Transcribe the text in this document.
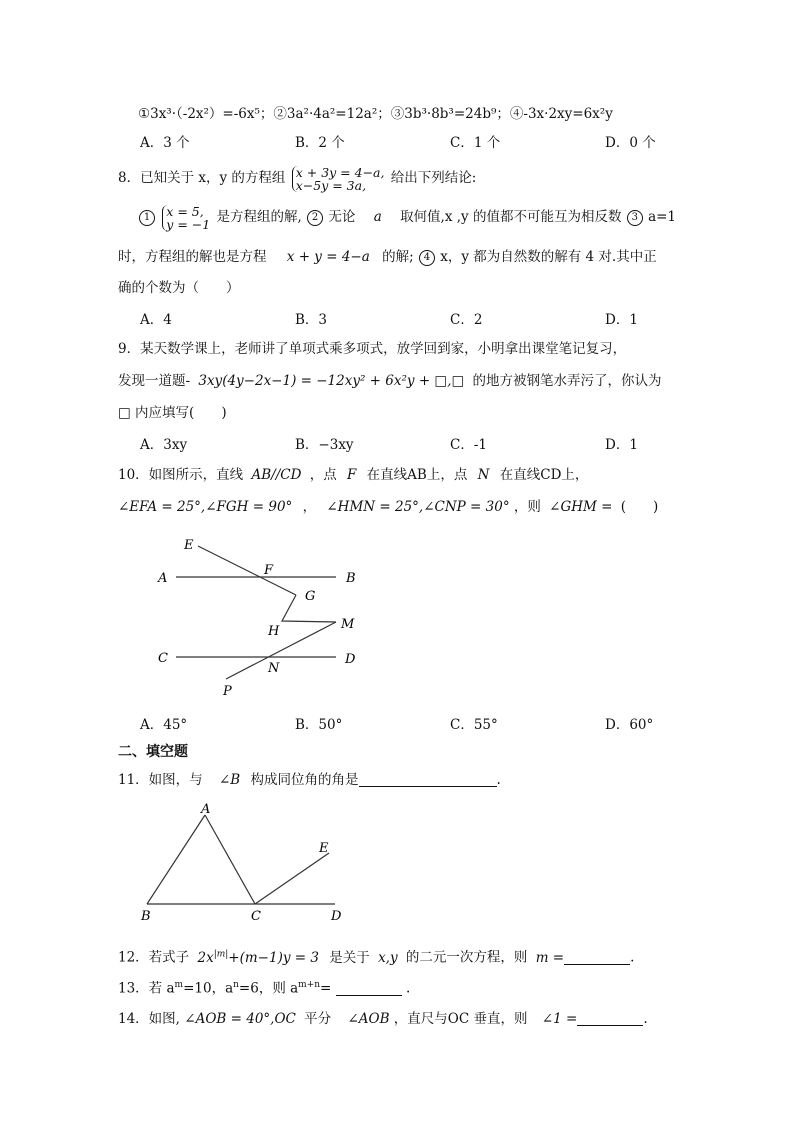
①3x³·（-2x²）=-6x⁵；②3a²·4a²=12a²；③3b³·8b³=24b⁹；④-3x·2xy=6x²y
A．3 个	B．2 个	C．1 个	D．0 个
8．已知关于 x，y 的方程组 x + 3y = 4−a,
x−5y = 3a, 给出下列结论:
1 x = 5,
y = −1 是方程组的解, 2 无论 a 取何值,x ,y 的值都不可能互为相反数 3 a=1
时，方程组的解也是方程 x + y = 4−a 的解; 4 x，y 都为自然数的解有 4 对.其中正
确的个数为（　　）
A．4	B．3	C．2	D．1
9．某天数学课上，老师讲了单项式乘多项式，放学回到家，小明拿出课堂笔记复习，
发现一道题- 3xy(4y−2x−1) = −12xy² + 6x²y + □,□ 的地方被钢笔水弄污了，你认为
□ 内应填写(　　)
A．3xy	B．−3xy	C．-1	D．1
10．如图所示，直线 AB//CD ，点 F 在直线AB上，点 N 在直线CD上，
∠EFA = 25°,∠FGH = 90° ， ∠HMN = 25°,∠CNP = 30° ，则 ∠GHM = (　　)
E
A
F
B
G
H	M
C
N
D
P
A．45°	B．50°	C．55°	D．60°
二、填空题
11．如图，与 ∠B 构成同位角的角是	.
A
B	C	D
E
12．若式子 $2x^{|m|}+(m-1)y = 3$ 是关于 x,y 的二元一次方程，则 m =	.
13．若 $a^m=10$，$a^n=6$，则 $a^{m+n}=$	.
14．如图, ∠AOB = 40°,OC 平分 ∠AOB ，直尺与OC 垂直，则 ∠1 =	.
